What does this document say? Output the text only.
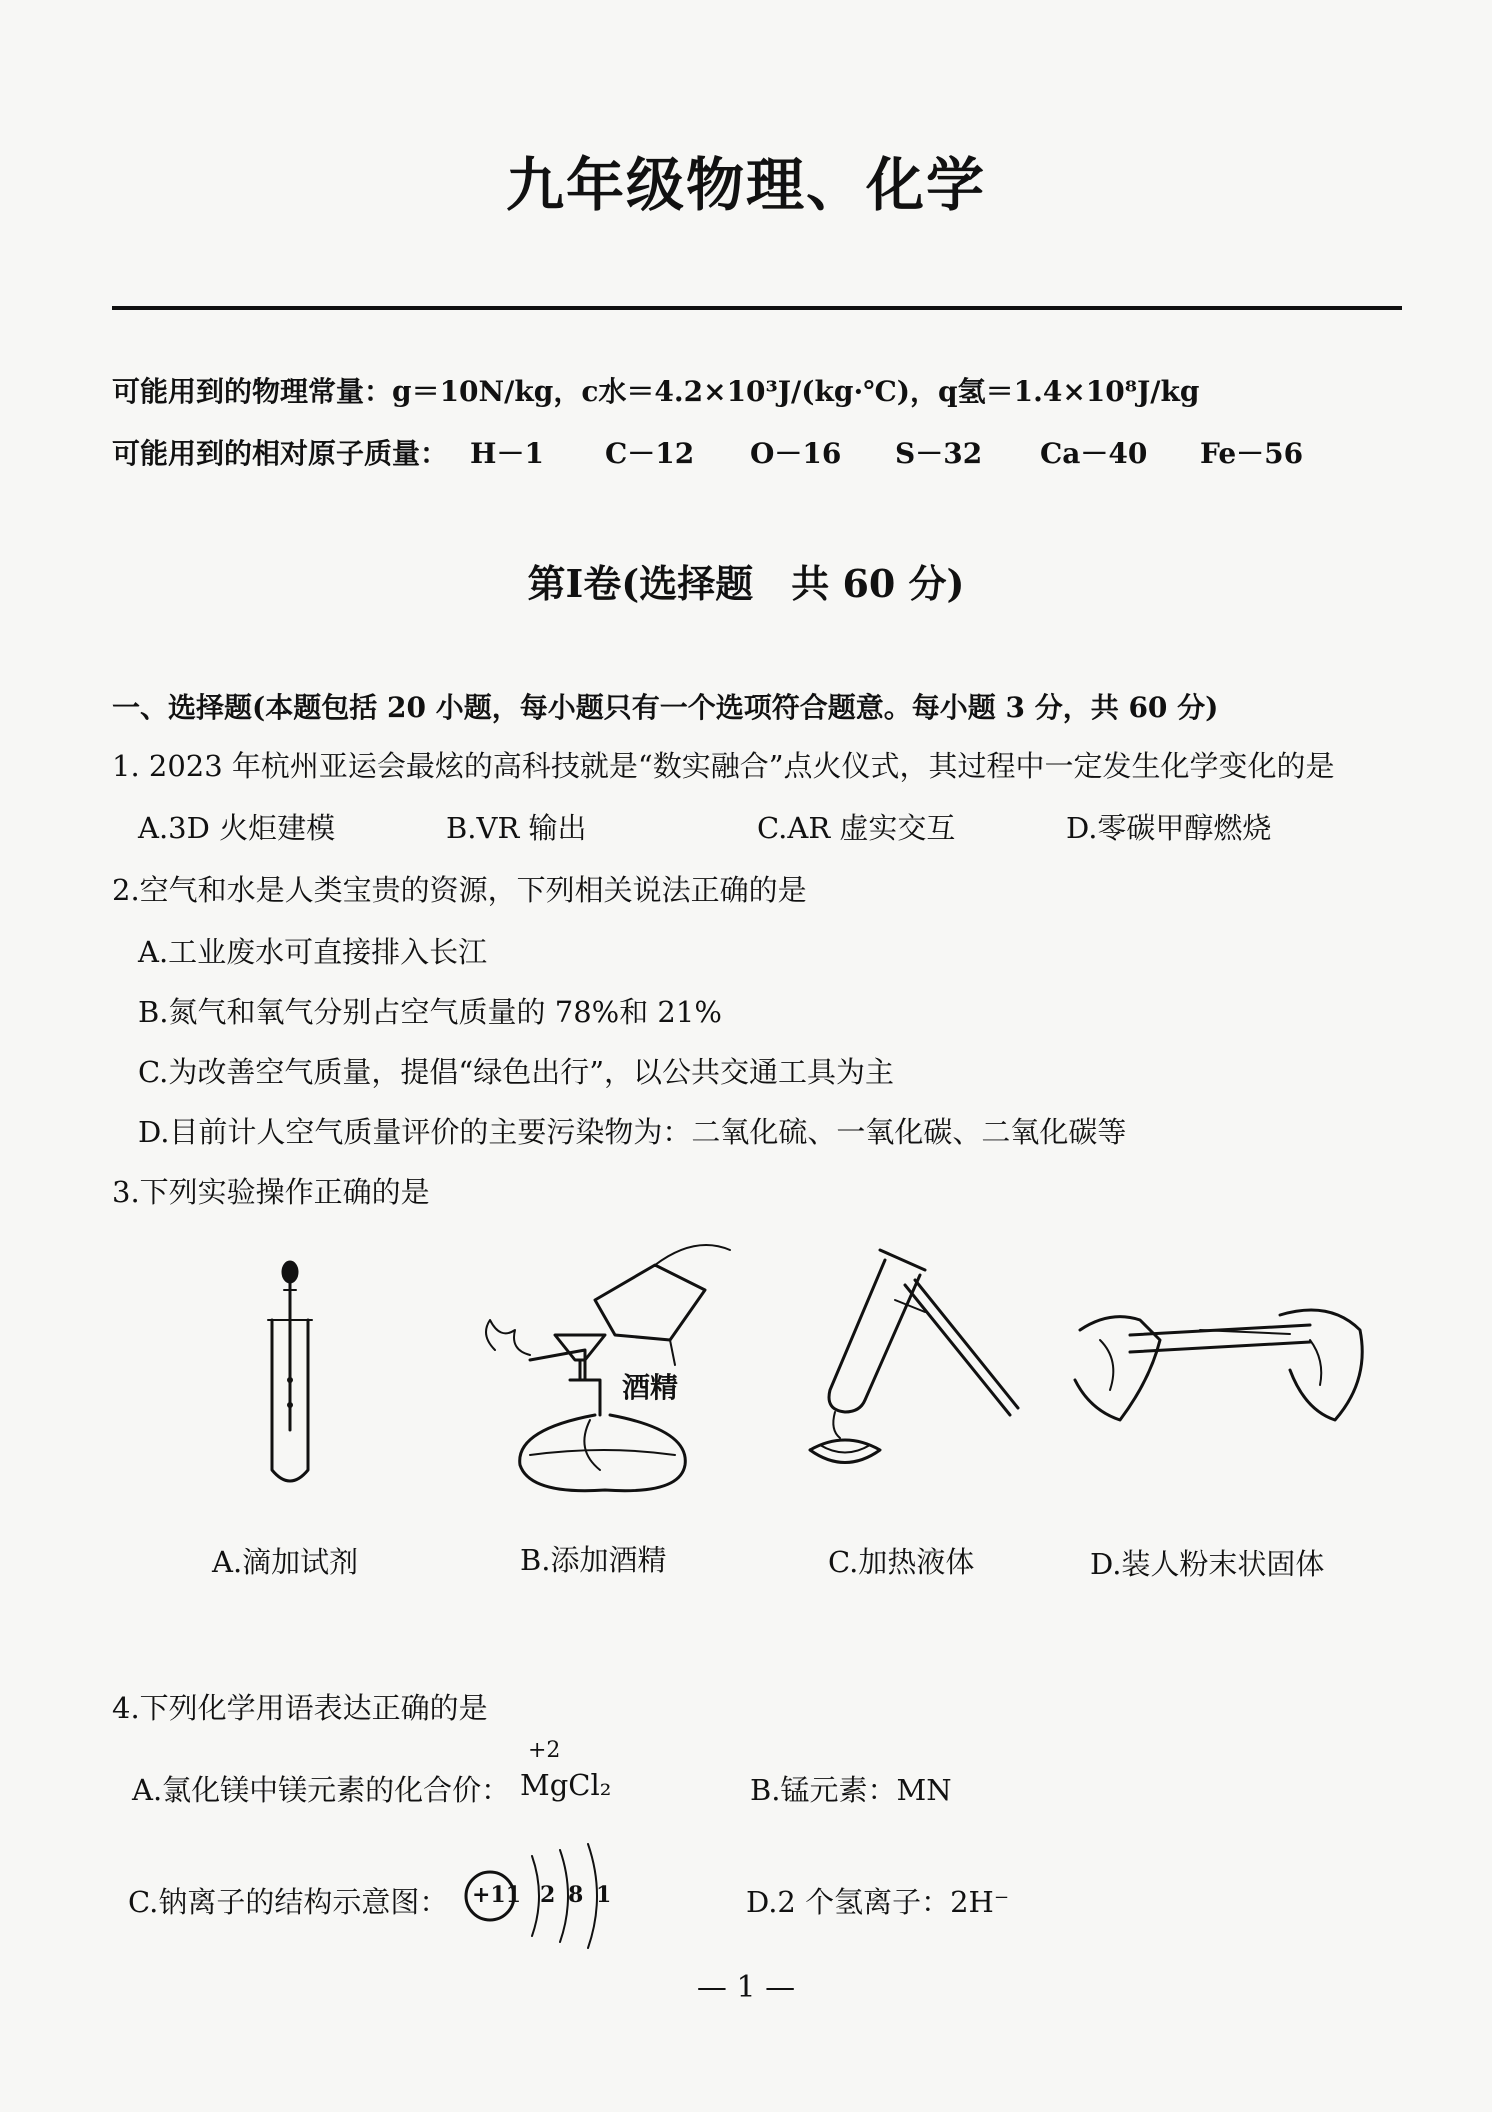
九年级物理、化学
可能用到的物理常量：g＝10N/kg，c水＝4.2×10³J/(kg·℃)，q氢＝1.4×10⁸J/kg
可能用到的相对原子质量： H－1 C－12 O－16 S－32 Ca－40 Fe－56
第Ⅰ卷(选择题　共 60 分)
一、选择题(本题包括 20 小题，每小题只有一个选项符合题意。每小题 3 分，共 60 分)
1. 2023 年杭州亚运会最炫的高科技就是“数实融合”点火仪式，其过程中一定发生化学变化的是
A.3D 火炬建模	B.VR 输出	C.AR 虚实交互	D.零碳甲醇燃烧
2.空气和水是人类宝贵的资源，下列相关说法正确的是
A.工业废水可直接排入长江
B.氮气和氧气分别占空气质量的 78%和 21%
C.为改善空气质量，提倡“绿色出行”，以公共交通工具为主
D.目前计人空气质量评价的主要污染物为：二氧化硫、一氧化碳、二氧化碳等
3.下列实验操作正确的是
酒精
A.滴加试剂	B.添加酒精	C.加热液体	D.装人粉末状固体
4.下列化学用语表达正确的是
A.氯化镁中镁元素的化合价：
+2
MgCl₂	B.锰元素：MN
C.钠离子的结构示意图： +11 2 8 1	D.2 个氢离子：2H⁻
— 1 —
